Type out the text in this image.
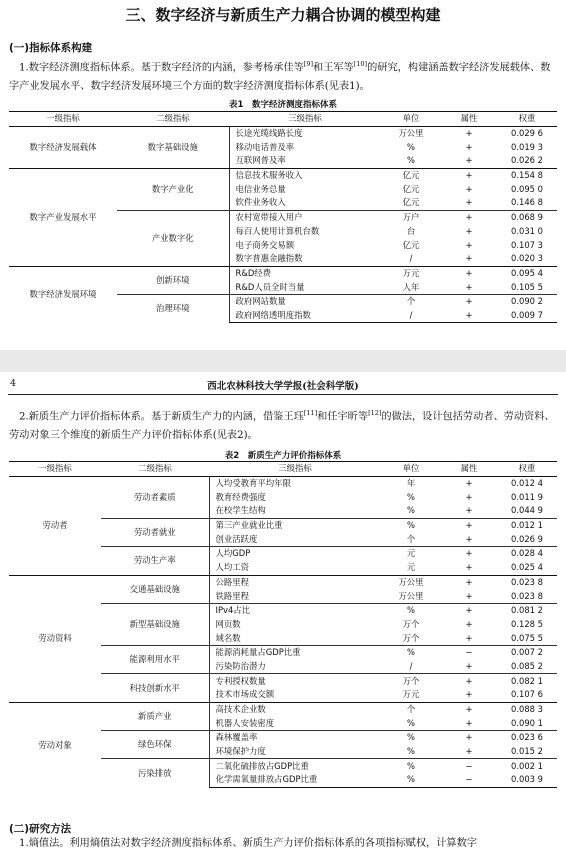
三、数字经济与新质生产力耦合协调的模型构建
(一)指标体系构建
1.数字经济测度指标体系。基于数字经济的内涵，参考杨承佳等[9]和王军等[10]的研究，构建涵盖数字经济发展载体、数字产业发展水平、数字经济发展环境三个方面的数字经济测度指标体系(见表1)。
表1　数字经济测度指标体系
一级指标	二级指标	三级指标	单位	属性	权重
数字经济发展载体	数字基础设施	长途光缆线路长度	万公里	+	0.029 6
		移动电话普及率	%	+	0.019 3
		互联网普及率	%	+	0.026 2
数字产业发展水平	数字产业化	信息技术服务收入	亿元	+	0.154 8
		电信业务总量	亿元	+	0.095 0
		软件业务收入	亿元	+	0.146 8
	产业数字化	农村宽带接入用户	万户	+	0.068 9
		每百人使用计算机台数	台	+	0.031 0
		电子商务交易额	亿元	+	0.107 3
		数字普惠金融指数	/	+	0.020 3
数字经济发展环境	创新环境	R&D经费	万元	+	0.095 4
		R&D人员全时当量	人年	+	0.105 5
	治理环境	政府网站数量	个	+	0.090 2
		政府网络透明度指数	/	+	0.009 7
4	西北农林科技大学学报(社会科学版)
2.新质生产力评价指标体系。基于新质生产力的内涵，借鉴王珏[11]和任宇昕等[12]的做法，设计包括劳动者、劳动资料、劳动对象三个维度的新质生产力评价指标体系(见表2)。
表2　新质生产力评价指标体系
一级指标	二级指标	三级指标	单位	属性	权重
劳动者	劳动者素质	人均受教育平均年限	年	+	0.012 4
		教育经费强度	%	+	0.011 9
		在校学生结构	%	+	0.044 9
	劳动者就业	第三产业就业比重	%	+	0.012 1
		创业活跃度	个	+	0.026 9
	劳动生产率	人均GDP	元	+	0.028 4
		人均工资	元	+	0.025 4
劳动资料	交通基础设施	公路里程	万公里	+	0.023 8
		铁路里程	万公里	+	0.023 8
	新型基础设施	IPv4占比	%	+	0.081 2
		网页数	万个	+	0.128 5
		域名数	万个	+	0.075 5
	能源利用水平	能源消耗量占GDP比重	%	−	0.007 2
		污染防治潜力	/	+	0.085 2
	科技创新水平	专利授权数量	万个	+	0.082 1
		技术市场成交额	万元	+	0.107 6
劳动对象	新质产业	高技术企业数	个	+	0.088 3
		机器人安装密度	%	+	0.090 1
	绿色环保	森林覆盖率	%	+	0.023 6
		环境保护力度	%	+	0.015 2
	污染排放	二氧化硫排放占GDP比重	%	−	0.002 1
		化学需氧量排放占GDP比重	%	−	0.003 9
(二)研究方法
1.熵值法。利用熵值法对数字经济测度指标体系、新质生产力评价指标体系的各项指标赋权，计算数字
